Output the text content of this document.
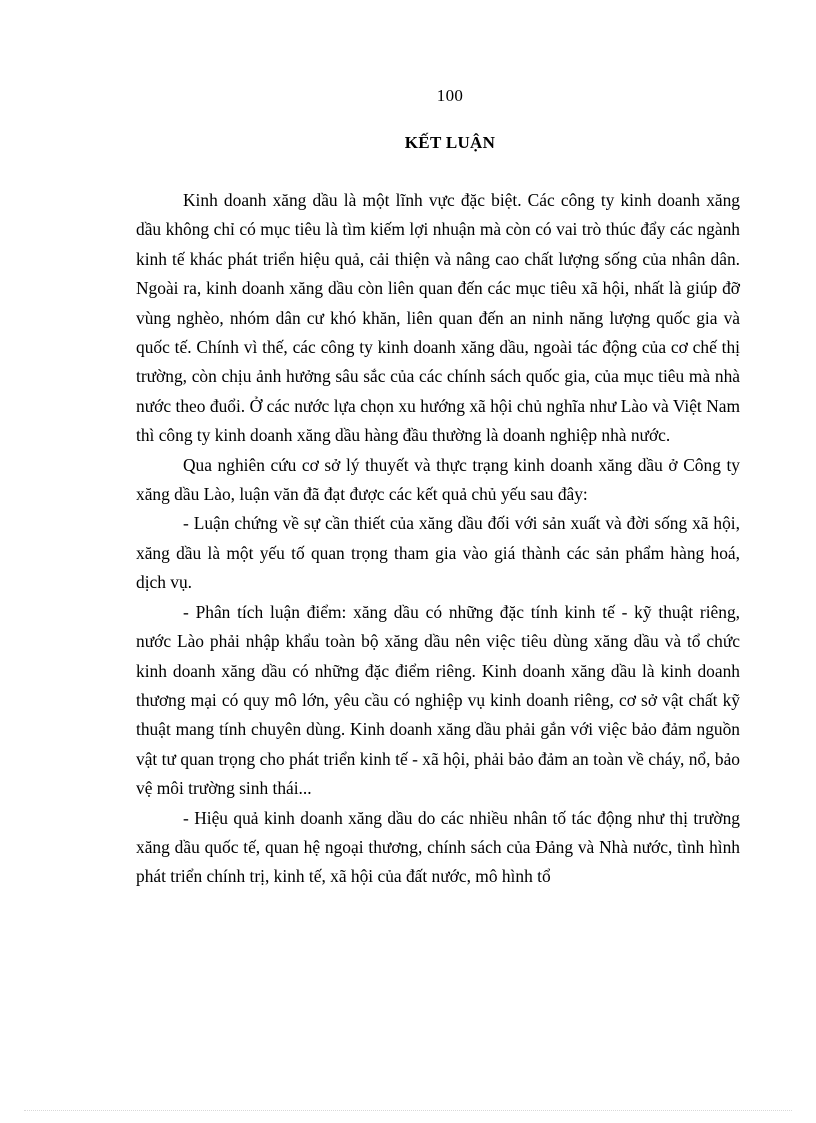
100
KẾT LUẬN

Kinh doanh xăng dầu là một lĩnh vực đặc biệt. Các công ty kinh doanh xăng dầu không chỉ có mục tiêu là tìm kiếm lợi nhuận mà còn có vai trò thúc đẩy các ngành kinh tế khác phát triển hiệu quả, cải thiện và nâng cao chất lượng sống của nhân dân. Ngoài ra, kinh doanh xăng dầu còn liên quan đến các mục tiêu xã hội, nhất là giúp đỡ vùng nghèo, nhóm dân cư khó khăn, liên quan đến an ninh năng lượng quốc gia và quốc tế. Chính vì thế, các công ty kinh doanh xăng dầu, ngoài tác động của cơ chế thị trường, còn chịu ảnh hưởng sâu sắc của các chính sách quốc gia, của mục tiêu mà nhà nước theo đuổi. Ở các nước lựa chọn xu hướng xã hội chủ nghĩa như Lào và Việt Nam thì công ty kinh doanh xăng dầu hàng đầu thường là doanh nghiệp nhà nước.

Qua nghiên cứu cơ sở lý thuyết và thực trạng kinh doanh xăng dầu ở Công ty xăng dầu Lào, luận văn đã đạt được các kết quả chủ yếu sau đây:

- Luận chứng về sự cần thiết của xăng dầu đối với sản xuất và đời sống xã hội, xăng dầu là một yếu tố quan trọng tham gia vào giá thành các sản phẩm hàng hoá, dịch vụ.

- Phân tích luận điểm: xăng dầu có những đặc tính kinh tế - kỹ thuật riêng, nước Lào phải nhập khẩu toàn bộ xăng dầu nên việc tiêu dùng xăng dầu và tổ chức kinh doanh xăng dầu có những đặc điểm riêng. Kinh doanh xăng dầu là kinh doanh thương mại có quy mô lớn, yêu cầu có nghiệp vụ kinh doanh riêng, cơ sở vật chất kỹ thuật mang tính chuyên dùng. Kinh doanh xăng dầu phải gắn với việc bảo đảm nguồn vật tư quan trọng cho phát triển kinh tế - xã hội, phải bảo đảm an toàn về cháy, nổ, bảo vệ môi trường sinh thái...

- Hiệu quả kinh doanh xăng dầu do các nhiều nhân tố tác động như thị trường xăng dầu quốc tế, quan hệ ngoại thương, chính sách của Đảng và Nhà nước, tình hình phát triển chính trị, kinh tế, xã hội của đất nước, mô hình tổ
